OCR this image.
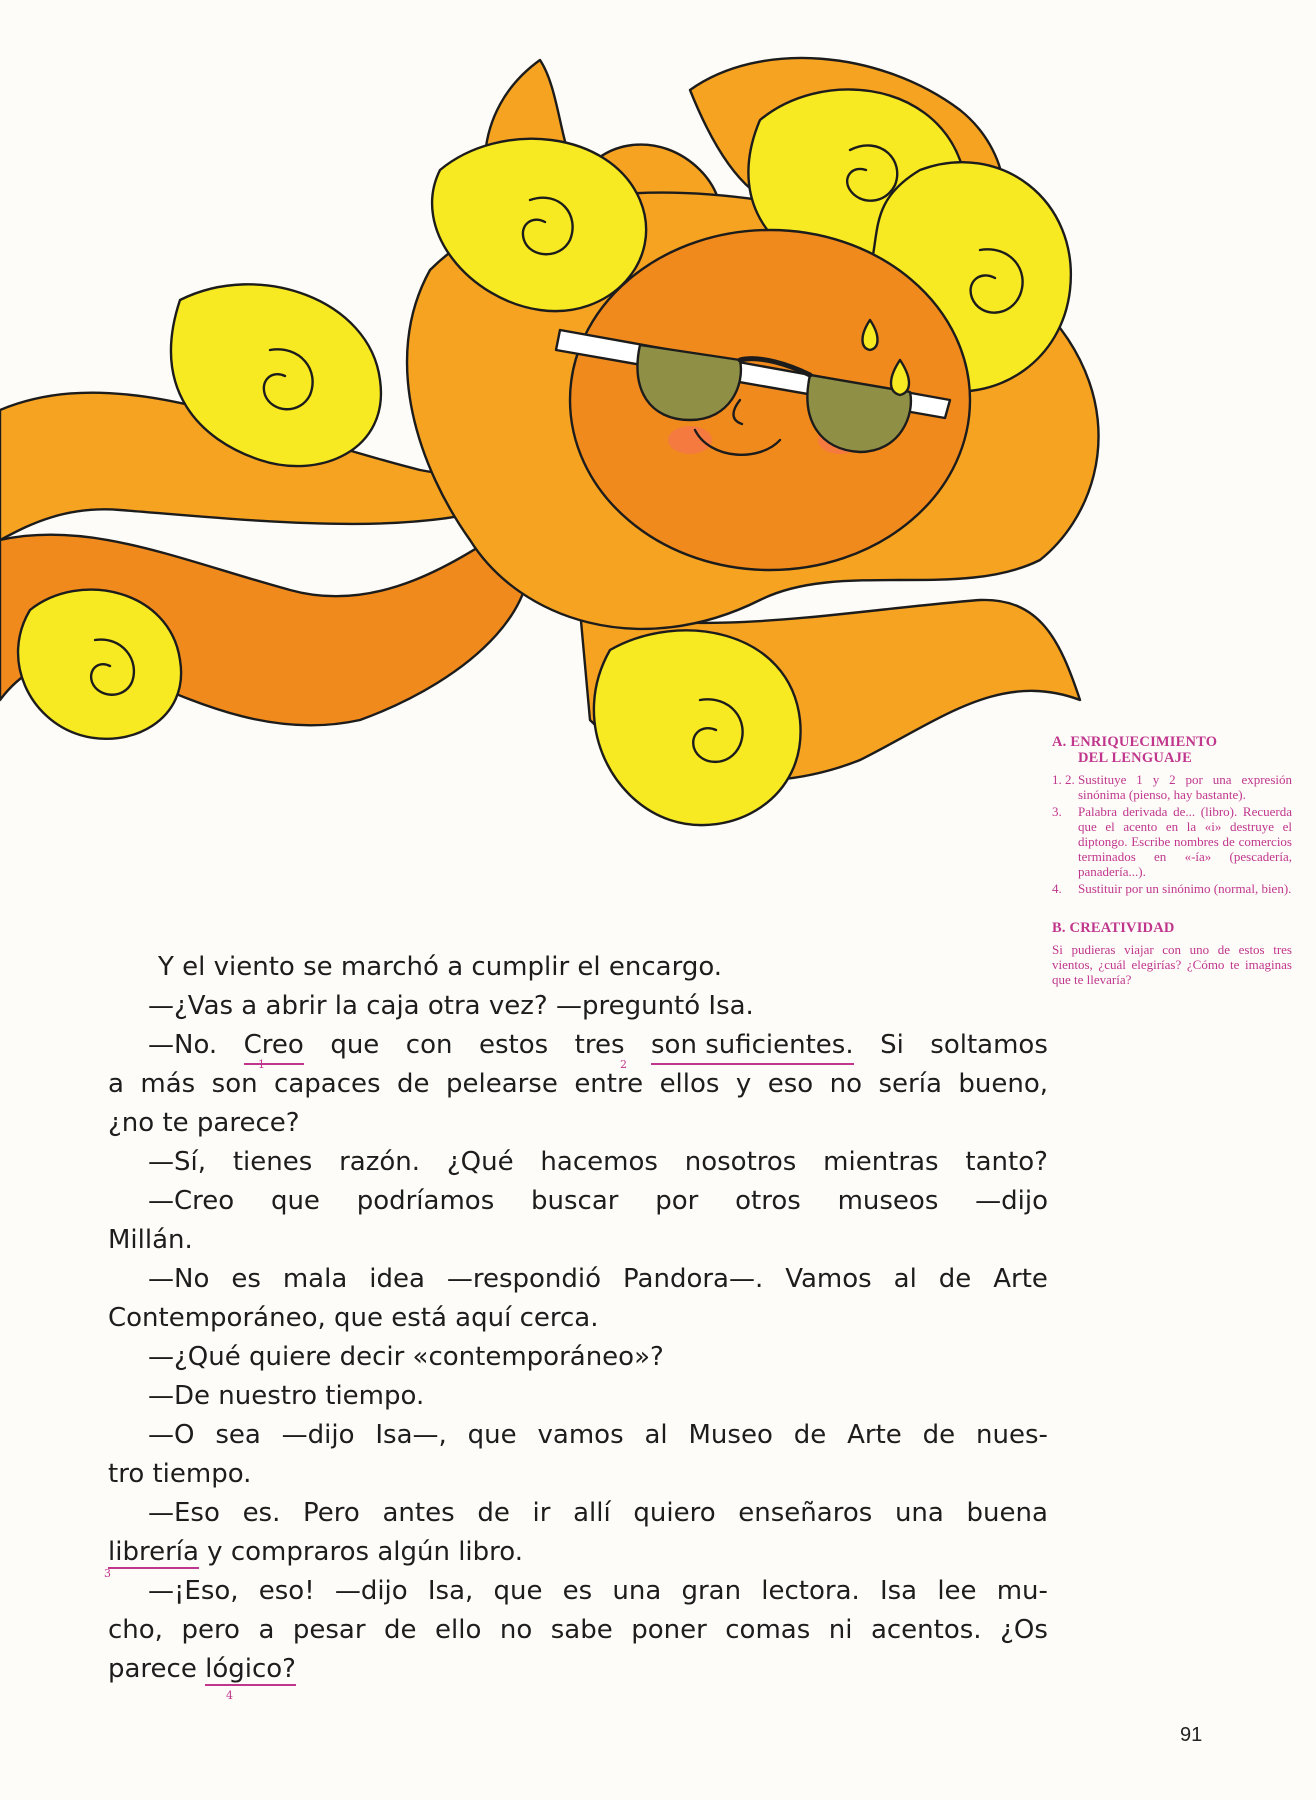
Y el viento se marchó a cumplir el encargo.
—¿Vas a abrir la caja otra vez? —preguntó Isa.
—No. Creo que con estos tres son suficientes. Si soltamos
a más son capaces de pelearse entre ellos y eso no sería bueno,
1	2
¿no te parece?
—Sí, tienes razón. ¿Qué hacemos nosotros mientras tanto?
—Creo que podríamos buscar por otros museos —dijo
Millán.
—No es mala idea —respondió Pandora—. Vamos al de Arte
Contemporáneo, que está aquí cerca.
—¿Qué quiere decir «contemporáneo»?
—De nuestro tiempo.
—O sea —dijo Isa—, que vamos al Museo de Arte de nues-
tro tiempo.
—Eso es. Pero antes de ir allí quiero enseñaros una buena
librería y compraros algún libro.
—¡Eso, eso! —dijo Isa, que es una gran lectora. Isa lee mu-
3
cho, pero a pesar de ello no sabe poner comas ni acentos. ¿Os
parece lógico?
4
A. ENRIQUECIMIENTO
DEL LENGUAJE
1. 2. Sustituye 1 y 2 por una expresión sinónima (pienso, hay bastante).
3.	Palabra derivada de... (libro). Recuerda que el acento en la «i» destruye el diptongo. Escribe nombres de comercios terminados en «-ía» (pescadería, panadería...).
4.	Sustituir por un sinónimo (normal, bien).
B. CREATIVIDAD
Si pudieras viajar con uno de estos tres vientos, ¿cuál elegirías? ¿Cómo te imaginas que te llevaría?
91
